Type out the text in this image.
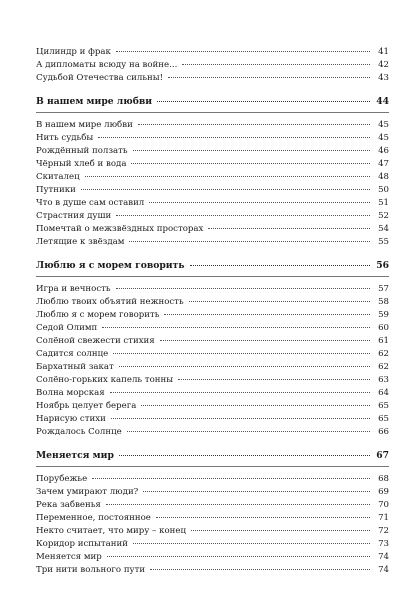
Цилиндр и фрак	41
А дипломаты всюду на войне...	42
Судьбой Отечества сильны!	43
В нашем мире любви	44
В нашем мире любви	45
Нить судьбы	45
Рождённый ползать	46
Чёрный хлеб и вода	47
Скиталец	48
Путники	50
Что в душе сам оставил	51
Страстния души	52
Помечтай о межзвёздных просторах	54
Летящие к звёздам	55
Люблю я с морем говорить	56
Игра и вечность	57
Люблю твоих объятий нежность	58
Люблю я с морем говорить	59
Седой Олимп	60
Солёной свежести стихия	61
Садится солнце	62
Бархатный закат	62
Солёно-горьких капель тонны	63
Волна морская	64
Ноябрь целует берега	65
Нарисую стихи	65
Рождалось Солнце	66
Меняется мир	67
Порубежье	68
Зачем умирают люди?	69
Река забвенья	70
Переменное, постоянное	71
Некто считает, что миру – конец	72
Коридор испытаний	73
Меняется мир	74
Три нити вольного пути	74
